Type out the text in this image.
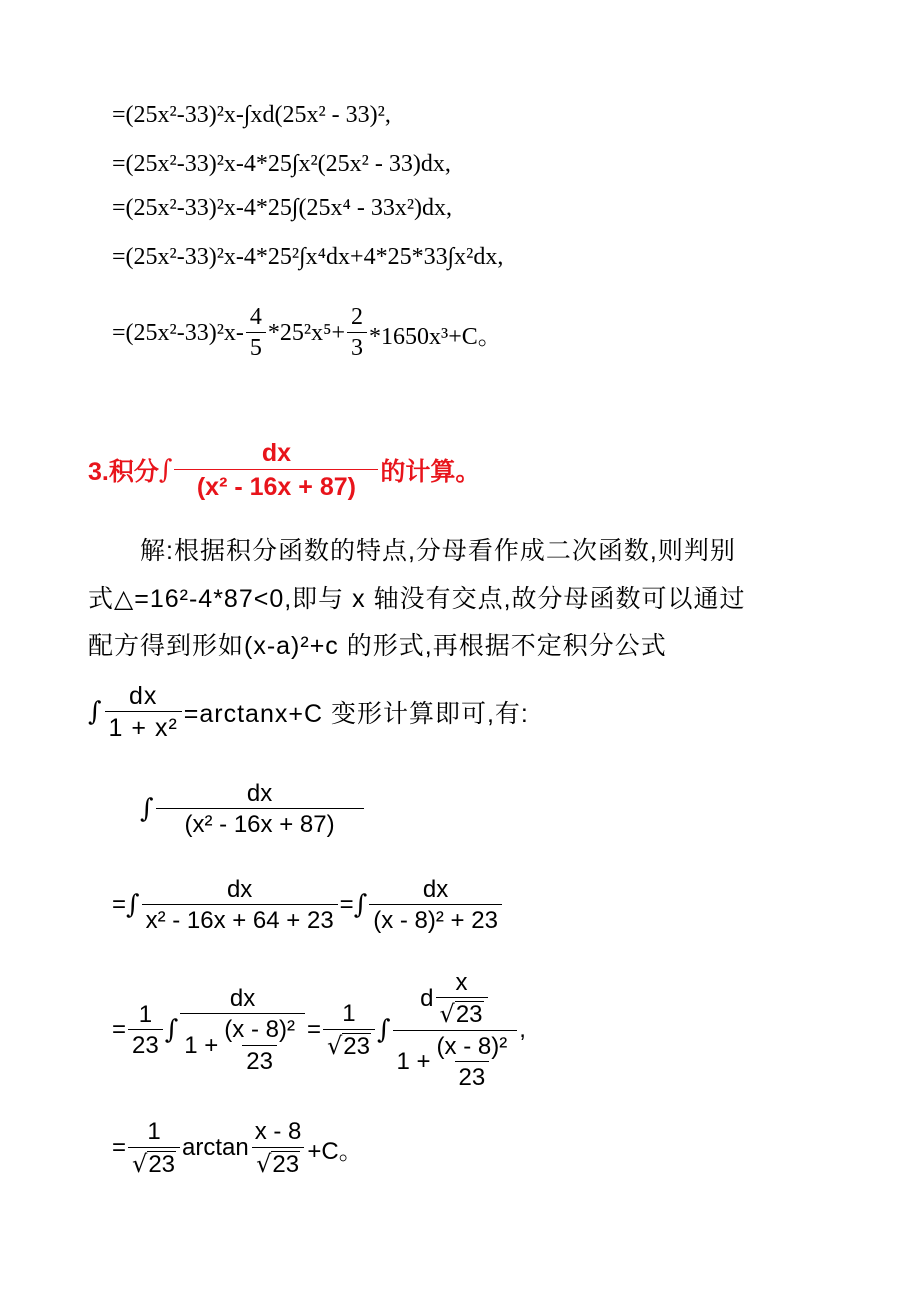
=(25x²-33)²x-∫xd(25x² - 33)²,
=(25x²-33)²x-4*25∫x²(25x² - 33)dx,
=(25x²-33)²x-4*25∫(25x⁴ - 33x²)dx,
=(25x²-33)²x-4*25²∫x⁴dx+4*25*33∫x²dx,
$=(25x^2-33)^2x- \frac{4}{5} *25^2x^5+ \frac{2}{3} *1650x^3+C$。
3.积分 ∫ $\frac{dx}{\text{(x² - 16x + 87)}}$ 的计算。
解:根据积分函数的特点,分母看作成二次函数,则判别
式△=16²-4*87<0,即与 x 轴没有交点,故分母函数可以通过
配方得到形如(x-a)²+c 的形式,再根据不定积分公式
∫ $\frac{dx}{\text{1 + x²}} =\arctan x+C$ 变形计算即可,有:
∫ $\frac{dx}{\text{(x² - 16x + 87)}}$
= ∫ $\frac{dx}{\text{x² - 16x + 64 + 23}}$ = ∫ $\frac{dx}{\text{(x - 8)² + 23}}$
= $\frac{1}{23}$ ∫ $\frac{dx}{1 + \frac{\text{(x - 8)²}}{23}} = \frac{1}{√23}$ ∫ $\frac{d \frac{x}{√23}}{1 + \frac{\text{(x - 8)²}}{23}}$ ,
= $\frac{1}{√23}$ $\arctan \frac{x - 8}{√23} +C$。
